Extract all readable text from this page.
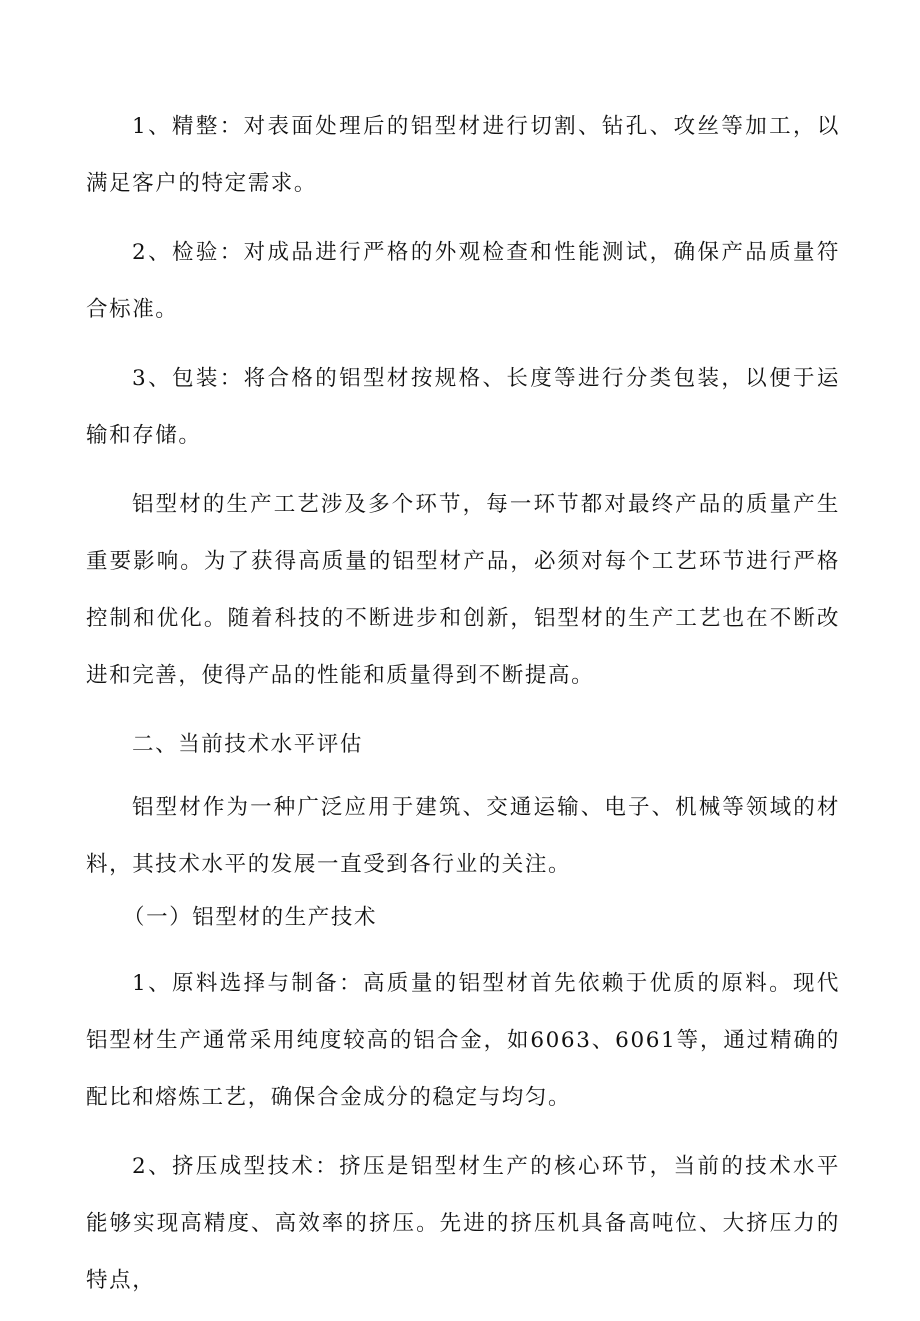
1、精整：对表面处理后的铝型材进行切割、钻孔、攻丝等加工，以满足客户的特定需求。

2、检验：对成品进行严格的外观检查和性能测试，确保产品质量符合标准。

3、包装：将合格的铝型材按规格、长度等进行分类包装，以便于运输和存储。

铝型材的生产工艺涉及多个环节，每一环节都对最终产品的质量产生重要影响。为了获得高质量的铝型材产品，必须对每个工艺环节进行严格控制和优化。随着科技的不断进步和创新，铝型材的生产工艺也在不断改进和完善，使得产品的性能和质量得到不断提高。

二、当前技术水平评估

铝型材作为一种广泛应用于建筑、交通运输、电子、机械等领域的材料，其技术水平的发展一直受到各行业的关注。

（一）铝型材的生产技术

1、原料选择与制备：高质量的铝型材首先依赖于优质的原料。现代铝型材生产通常采用纯度较高的铝合金，如6063、6061等，通过精确的配比和熔炼工艺，确保合金成分的稳定与均匀。

2、挤压成型技术：挤压是铝型材生产的核心环节，当前的技术水平能够实现高精度、高效率的挤压。先进的挤压机具备高吨位、大挤压力的特点，
